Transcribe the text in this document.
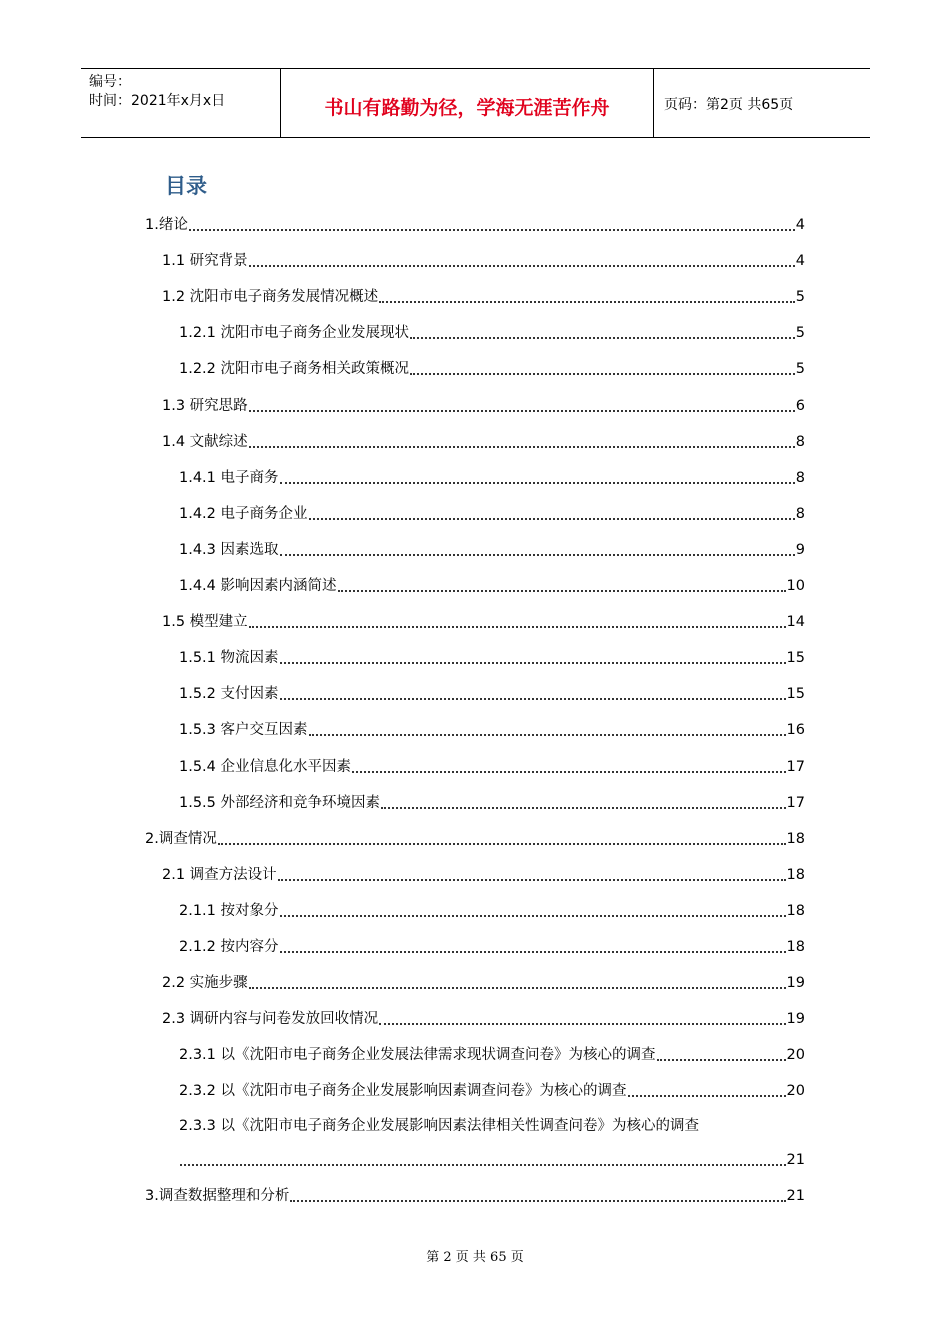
编号：
时间：2021年x月x日	书山有路勤为径，学海无涯苦作舟	页码：第2页 共65页
目录
1.绪论	4
1.1 研究背景	4
1.2 沈阳市电子商务发展情况概述	5
1.2.1 沈阳市电子商务企业发展现状	5
1.2.2 沈阳市电子商务相关政策概况	5
1.3 研究思路	6
1.4 文献综述	8
1.4.1 电子商务	8
1.4.2 电子商务企业	8
1.4.3 因素选取	9
1.4.4 影响因素内涵简述	10
1.5 模型建立	14
1.5.1 物流因素	15
1.5.2 支付因素	15
1.5.3 客户交互因素	16
1.5.4 企业信息化水平因素	17
1.5.5 外部经济和竞争环境因素	17
2.调查情况	18
2.1 调查方法设计	18
2.1.1 按对象分	18
2.1.2 按内容分	18
2.2 实施步骤	19
2.3 调研内容与问卷发放回收情况	19
2.3.1 以《沈阳市电子商务企业发展法律需求现状调查问卷》为核心的调查	20
2.3.2 以《沈阳市电子商务企业发展影响因素调查问卷》为核心的调查	20
2.3.3 以《沈阳市电子商务企业发展影响因素法律相关性调查问卷》为核心的调查
21
3.调查数据整理和分析	21
第 2 页 共 65 页
